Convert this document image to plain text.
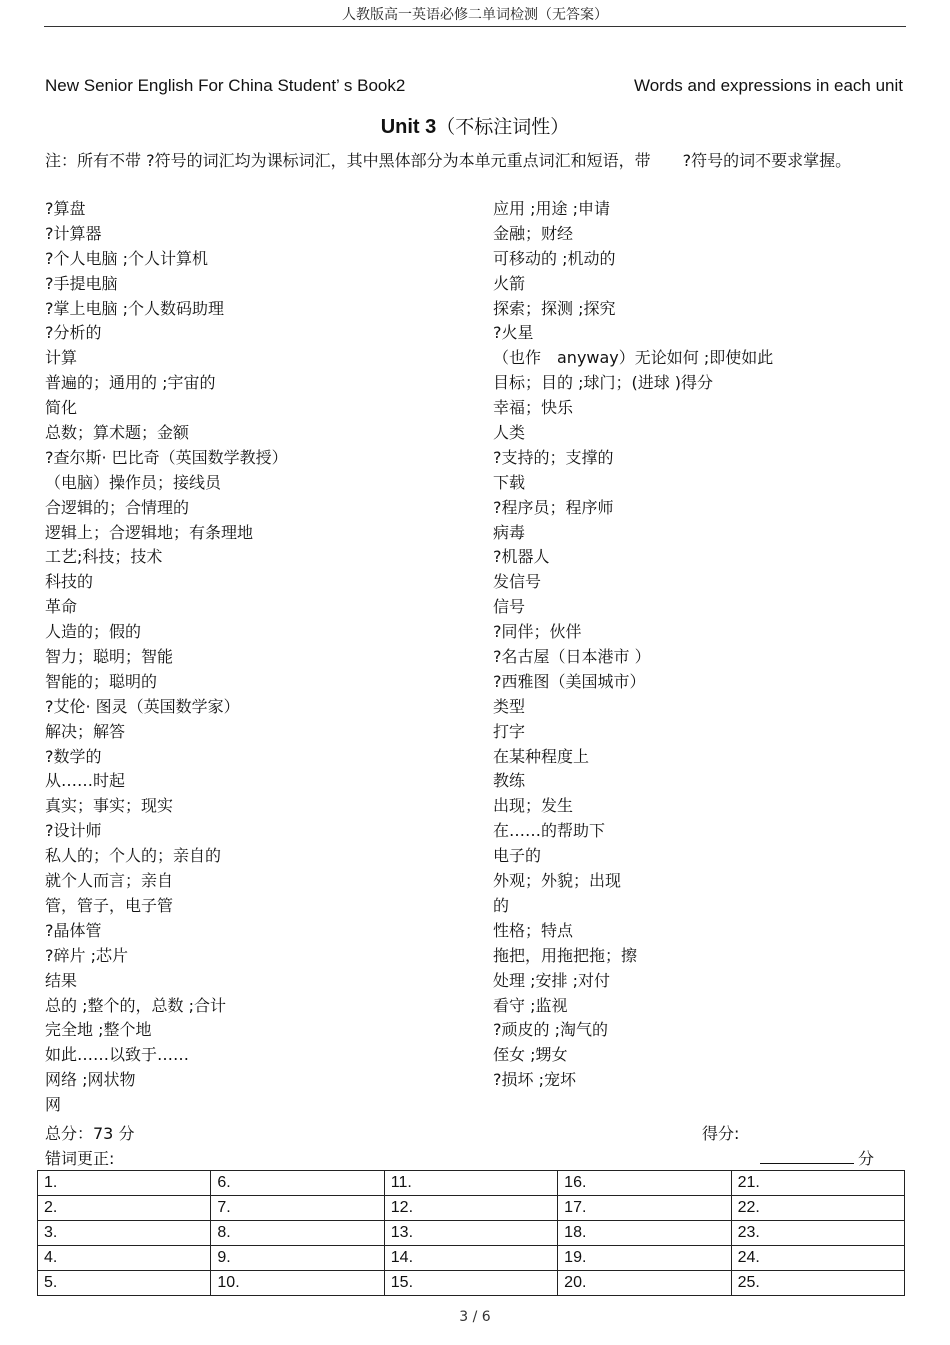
人教版高一英语必修二单词检测（无答案）
New Senior English For China Student’ s Book2	Words and expressions in each unit
Unit 3（不标注词性）
注：所有不带 ?符号的词汇均为课标词汇，其中黑体部分为本单元重点词汇和短语，带　　?符号的词不要求掌握。
?算盘
?计算器
?个人电脑 ;个人计算机
?手提电脑
?掌上电脑 ;个人数码助理
?分析的
计算
普遍的；通用的 ;宇宙的
简化
总数；算术题；金额
?查尔斯· 巴比奇（英国数学教授）
（电脑）操作员；接线员
合逻辑的；合情理的
逻辑上；合逻辑地；有条理地
工艺;科技；技术
科技的
革命
人造的；假的
智力；聪明；智能
智能的；聪明的
?艾伦· 图灵（英国数学家）
解决；解答
?数学的
从……时起
真实；事实；现实
?设计师
私人的；个人的；亲自的
就个人而言；亲自
管，管子，电子管
?晶体管
?碎片 ;芯片
结果
总的 ;整个的，总数 ;合计
完全地 ;整个地
如此……以致于……
网络 ;网状物
网
应用 ;用途 ;申请
金融；财经
可移动的 ;机动的
火箭
探索；探测 ;探究
?火星
（也作　anyway）无论如何 ;即使如此
目标；目的 ;球门；(进球 )得分
幸福；快乐
人类
?支持的；支撑的
下载
?程序员；程序师
病毒
?机器人
发信号
信号
?同伴；伙伴
?名古屋（日本港市 ）
?西雅图（美国城市）
类型
打字
在某种程度上
教练
出现；发生
在……的帮助下
电子的
外观；外貌；出现
的
性格；特点
拖把，用拖把拖；擦
处理 ;安排 ;对付
看守 ;监视
?顽皮的 ;淘气的
侄女 ;甥女
?损坏 ;宠坏
总分：73 分	得分:
错词更正:	分
1.	6.	11.	16.	21.
2.	7.	12.	17.	22.
3.	8.	13.	18.	23.
4.	9.	14.	19.	24.
5.	10.	15.	20.	25.
3 / 6
